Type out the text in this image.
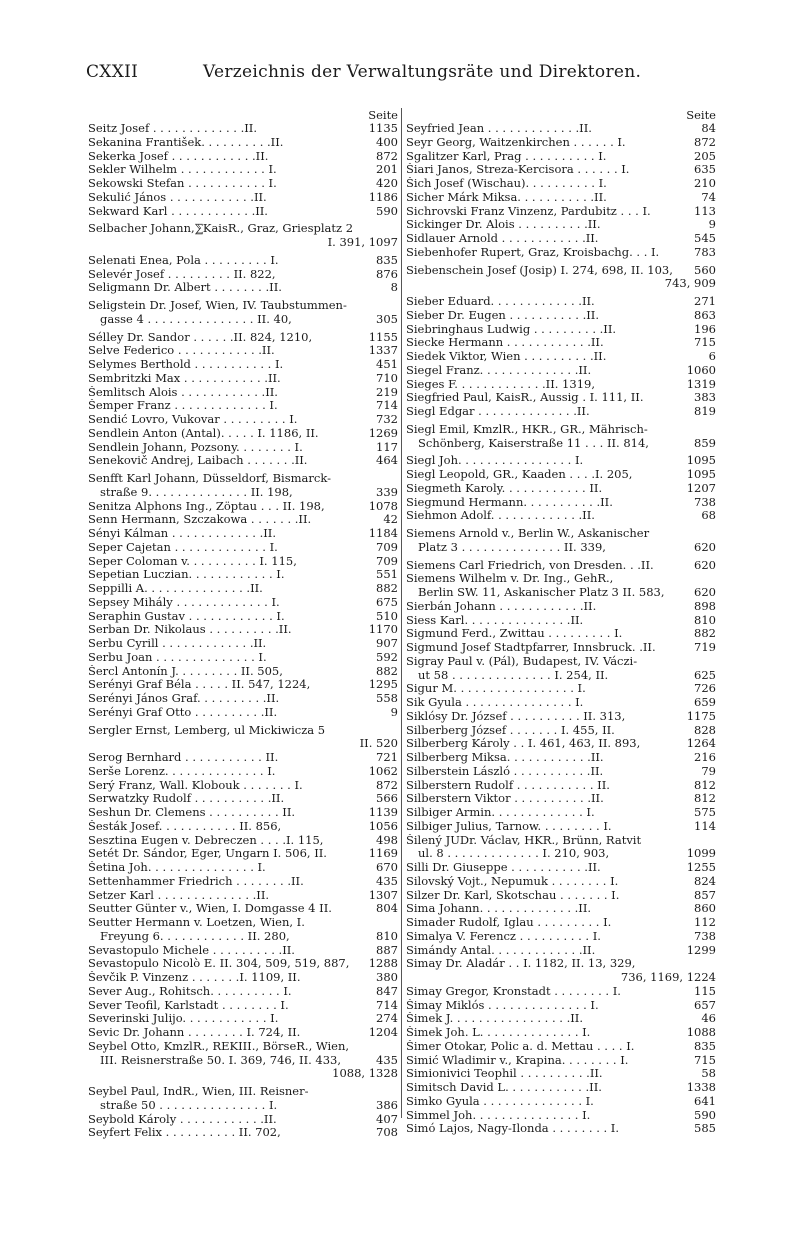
CXXII	Verzeichnis der Verwaltungsräte und Direktoren.
Seite
Seitz Josef . . . . . . . . . . . . .II.	1135
Sekanina František. . . . . . . . . .II.	400
Sekerka Josef . . . . . . . . . . . .II.	872
Sekler Wilhelm . . . . . . . . . . . . I.	201
Sekowski Stefan . . . . . . . . . . . I.	420
Sekulić János . . . . . . . . . . . .II.	1186
Sekward Karl . . . . . . . . . . . .II.	590
Selbacher Johann,⅀KaisR., Graz, Griesplatz 2
I. 391, 1097
Selenati Enea, Pola . . . . . . . . . I.	835
Selevér Josef . . . . . . . . . II. 822,	876
Seligmann Dr. Albert . . . . . . . .II.	8
Seligstein Dr. Josef, Wien, IV. Taubstummen-
gasse 4 . . . . . . . . . . . . . . . II. 40,	305
Sélley Dr. Sandor . . . . . .II. 824, 1210,	1155
Selve Federico . . . . . . . . . . . .II.	1337
Selymes Berthold . . . . . . . . . . . I.	451
Sembritzki Max . . . . . . . . . . . .II.	710
Šemlitsch Alois . . . . . . . . . . . .II.	219
Šemper Franz . . . . . . . . . . . . . I.	714
Sendić Lovro, Vukovar . . . . . . . . . I.	732
Sendlein Anton (Antal). . . . . I. 1186, II.	1269
Sendlein Johann, Pozsony. . . . . . . . I.	117
Senekovič Andrej, Laibach . . . . . . .II.	464
Senfft Karl Johann, Düsseldorf, Bismarck-
straße 9. . . . . . . . . . . . . . II. 198,	339
Senitza Alphons Ing., Zöptau . . . II. 198,	1078
Senn Hermann, Szczakowa . . . . . . .II.	42
Sényi Kálman . . . . . . . . . . . . .II.	1184
Seper Cajetan . . . . . . . . . . . . . I.	709
Seper Coloman v. . . . . . . . . . I. 115,	709
Sepetian Luczian. . . . . . . . . . . . I.	551
Seppilli A. . . . . . . . . . . . . . .II.	882
Sepsey Mihály . . . . . . . . . . . . . I.	675
Seraphin Gustav . . . . . . . . . . . . I.	510
Serban Dr. Nikolaus . . . . . . . . . .II.	1170
Serbu Cyrill . . . . . . . . . . . . .II.	907
Serbu Joan . . . . . . . . . . . . . . I.	592
Šercl Antonín J. . . . . . . . . II. 505,	882
Serényi Graf Béla . . . . . II. 547, 1224,	1295
Serényi János Graf. . . . . . . . . .II.	558
Serényi Graf Otto . . . . . . . . . .II.	9
Sergler Ernst, Lemberg, ul Mickiwicza 5
II. 520
Serog Bernhard . . . . . . . . . . . II.	721
Serše Lorenz. . . . . . . . . . . . . . I.	1062
Serý Franz, Wall. Klobouk . . . . . . . I.	872
Serwatzky Rudolf . . . . . . . . . . .II.	566
Seshun Dr. Clemens . . . . . . . . . . II.	1139
Šesták Josef. . . . . . . . . . . II. 856,	1056
Sesztina Eugen v. Debreczen . . . .I. 115,	498
Setét Dr. Sándor, Eger, Ungarn I. 506, II.	1169
Šetina Joh. . . . . . . . . . . . . . . I.	670
Settenhammer Friedrich . . . . . . . .II.	435
Setzer Karl . . . . . . . . . . . . . .II.	1307
Seutter Günter v., Wien, I. Domgasse 4 II.	804
Seutter Hermann v. Loetzen, Wien, I.
Freyung 6. . . . . . . . . . . . II. 280,	810
Sevastopulo Michele . . . . . . . . . .II.	887
Sevastopulo Nicolò E. II. 304, 509, 519, 887,	1288
Ševčik P. Vinzenz . . . . . . .I. 1109, II.	380
Sever Aug., Rohitsch. . . . . . . . . . I.	847
Sever Teofil, Karlstadt . . . . . . . . I.	714
Severinski Julijo. . . . . . . . . . . . I.	274
Sevic Dr. Johann . . . . . . . . I. 724, II.	1204
Seybel Otto, KmzlR., REKIII., BörseR., Wien,
III. Reisnerstraße 50. I. 369, 746, II. 433,	435
1088, 1328
Seybel Paul, IndR., Wien, III. Reisner-
straße 50 . . . . . . . . . . . . . . . I.	386
Seybold Károly . . . . . . . . . . . .II.	407
Seyfert Felix . . . . . . . . . . II. 702,	708
Seite
Seyfried Jean . . . . . . . . . . . . .II.	84
Seyr Georg, Waitzenkirchen . . . . . . I.	872
Sgalitzer Karl, Prag . . . . . . . . . . I.	205
Šiari Janos, Streza-Kercisora . . . . . . I.	635
Šich Josef (Wischau). . . . . . . . . . I.	210
Sicher Márk Miksa. . . . . . . . . . .II.	74
Sichrovski Franz Vinzenz, Pardubitz . . . I.	113
Sickinger Dr. Alois . . . . . . . . . .II.	9
Sidlauer Arnold . . . . . . . . . . . .II.	545
Siebenhofer Rupert, Graz, Kroisbachg. . . I.	783
Siebenschein Josef (Josip) I. 274, 698, II. 103,	560
743, 909
Sieber Eduard. . . . . . . . . . . . .II.	271
Sieber Dr. Eugen . . . . . . . . . . .II.	863
Siebringhaus Ludwig . . . . . . . . . .II.	196
Siecke Hermann . . . . . . . . . . . .II.	715
Siedek Viktor, Wien . . . . . . . . . .II.	6
Siegel Franz. . . . . . . . . . . . . .II.	1060
Sieges F. . . . . . . . . . . . .II. 1319,	1319
Siegfried Paul, KaisR., Aussig . I. 111, II.	383
Siegl Edgar . . . . . . . . . . . . . .II.	819
Siegl Emil, KmzlR., HKR., GR., Mährisch-
Schönberg, Kaiserstraße 11 . . . II. 814,	859
Siegl Joh. . . . . . . . . . . . . . . . I.	1095
Siegl Leopold, GR., Kaaden . . . .I. 205,	1095
Siegmeth Karoly. . . . . . . . . . . . II.	1207
Siegmund Hermann. . . . . . . . . . .II.	738
Siehmon Adolf. . . . . . . . . . . . .II.	68
Siemens Arnold v., Berlin W., Askanischer
Platz 3 . . . . . . . . . . . . . . II. 339,	620
Siemens Carl Friedrich, von Dresden. . .II.	620
Siemens Wilhelm v. Dr. Ing., GehR.,
Berlin SW. 11, Askanischer Platz 3 II. 583,	620
Sierbán Johann . . . . . . . . . . . .II.	898
Siess Karl. . . . . . . . . . . . . . .II.	810
Sigmund Ferd., Zwittau . . . . . . . . . I.	882
Sigmund Josef Stadtpfarrer, Innsbruck. .II.	719
Sigray Paul v. (Pál), Budapest, IV. Váczi-
ut 58 . . . . . . . . . . . . . . I. 254, II.	625
Sigur M. . . . . . . . . . . . . . . . . I.	726
Sik Gyula . . . . . . . . . . . . . . . I.	659
Siklósy Dr. József . . . . . . . . . . II. 313,	1175
Silberberg József . . . . . . . I. 455, II.	828
Silberberg Károly . . I. 461, 463, II. 893,	1264
Silberberg Miksa. . . . . . . . . . . .II.	216
Silberstein László . . . . . . . . . . .II.	79
Silberstern Rudolf . . . . . . . . . . . II.	812
Silberstern Viktor . . . . . . . . . . .II.	812
Silbiger Armin. . . . . . . . . . . . . I.	575
Silbiger Julius, Tarnow. . . . . . . . . I.	114
Šilený JUDr. Václav, HKR., Brünn, Ratvit
ul. 8 . . . . . . . . . . . . . I. 210, 903,	1099
Silli Dr. Giuseppe . . . . . . . . . . .II.	1255
Silovský Vojt., Nepumuk . . . . . . . . I.	824
Silzer Dr. Karl, Skotschau . . . . . . . I.	857
Sima Johann. . . . . . . . . . . . . .II.	860
Simader Rudolf, Iglau . . . . . . . . . I.	112
Simalya V. Ferencz . . . . . . . . . . I.	738
Simándy Antal. . . . . . . . . . . . .II.	1299
Simay Dr. Aladár . . I. 1182, II. 13, 329,
736, 1169, 1224
Simay Gregor, Kronstadt . . . . . . . . I.	115
Šimay Miklós . . . . . . . . . . . . . . I.	657
Šimek J. . . . . . . . . . . . . . . . .II.	46
Šimek Joh. L. . . . . . . . . . . . . . I.	1088
Šimer Otokar, Polic a. d. Mettau . . . . I.	835
Simić Wladimir v., Krapina. . . . . . . . I.	715
Simionivici Teophil . . . . . . . . . .II.	58
Simitsch David L. . . . . . . . . . . .II.	1338
Simko Gyula . . . . . . . . . . . . . . I.	641
Simmel Joh. . . . . . . . . . . . . . . I.	590
Simó Lajos, Nagy-Ilonda . . . . . . . . I.	585
